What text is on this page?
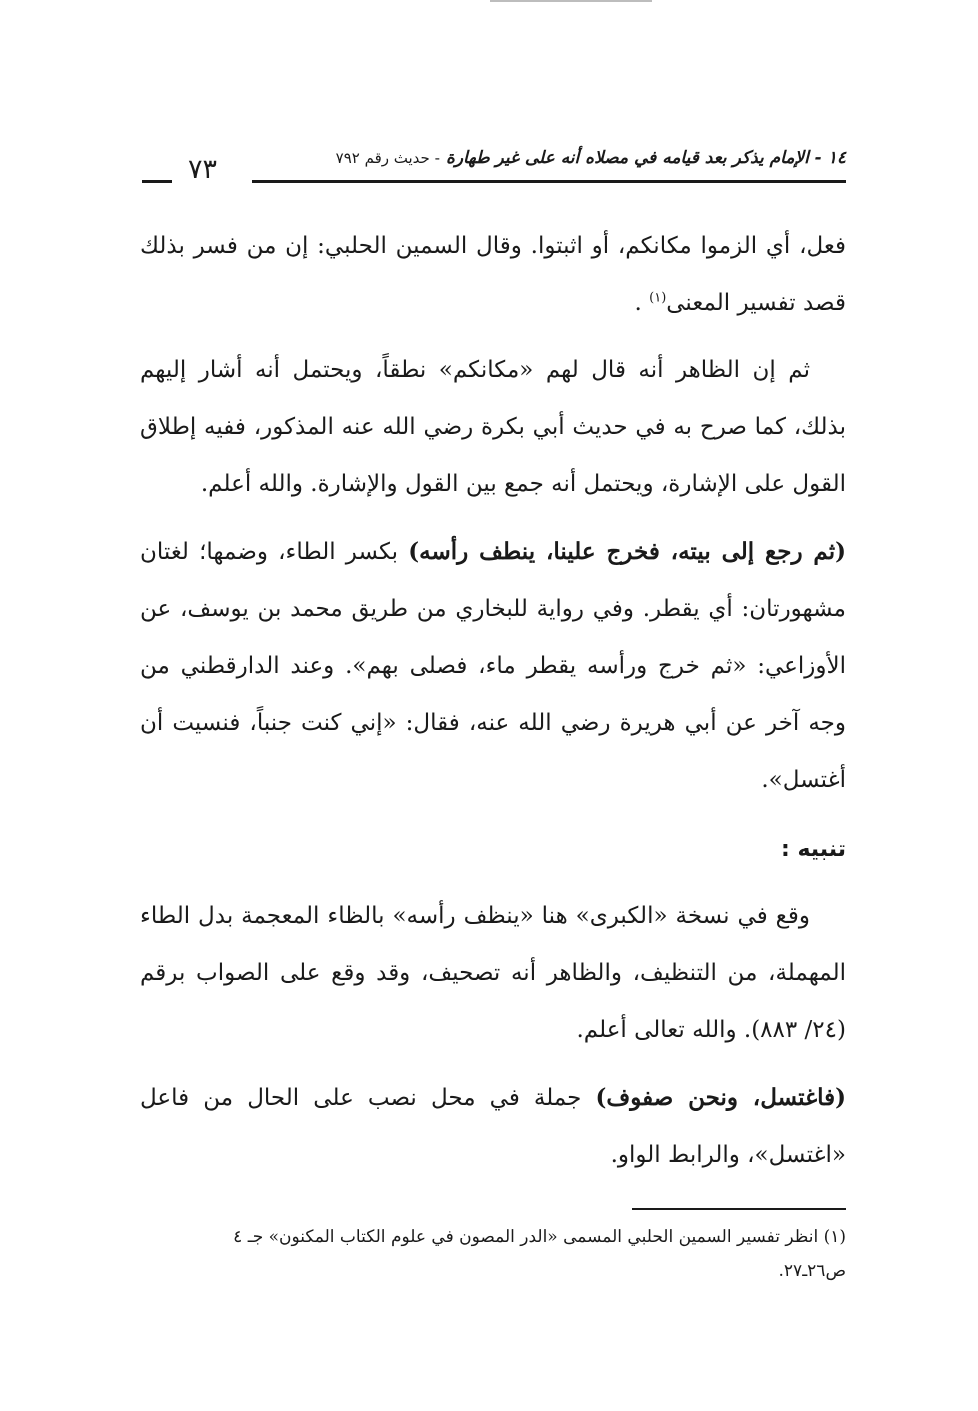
١٤ - الإمام يذكر بعد قيامه في مصلاه أنه على غير طهارة - حديث رقم ٧٩٢
٧٣

فعل، أي الزموا مكانكم، أو اثبتوا. وقال السمين الحلبي: إن من فسر بذلك قصد تفسير المعنى$^{(١)}$ .

ثم إن الظاهر أنه قال لهم «مكانكم» نطقاً، ويحتمل أنه أشار إليهم بذلك، كما صرح به في حديث أبي بكرة رضي الله عنه المذكور، ففيه إطلاق القول على الإشارة، ويحتمل أنه جمع بين القول والإشارة. والله أعلم.

(ثم رجع إلى بيته، فخرج علينا، ينطف رأسه) بكسر الطاء، وضمها؛ لغتان مشهورتان: أي يقطر. وفي رواية للبخاري من طريق محمد بن يوسف، عن الأوزاعي: «ثم خرج ورأسه يقطر ماء، فصلى بهم». وعند الدارقطني من وجه آخر عن أبي هريرة رضي الله عنه، فقال: «إني كنت جنباً، فنسيت أن أغتسل».

تنبيه :

وقع في نسخة «الكبرى» هنا «ينظف رأسه» بالظاء المعجمة بدل الطاء المهملة، من التنظيف، والظاهر أنه تصحيف، وقد وقع على الصواب برقم (٢٤/ ٨٨٣). والله تعالى أعلم.

(فاغتسل، ونحن صفوف) جملة في محل نصب على الحال من فاعل «اغتسل»، والرابط الواو.

(١) انظر تفسير السمين الحلبي المسمى «الدر المصون في علوم الكتاب المكنون» جـ ٤

ص٢٦ـ٢٧.
